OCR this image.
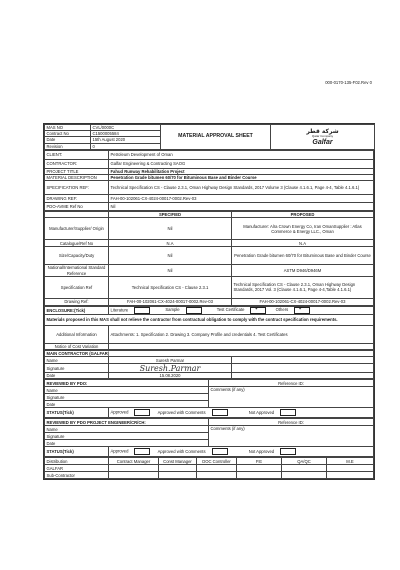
000-0170-135-F02.Rev 0
MAS NO	CVL/0000C	MATERIAL APPROVAL SHEET	شركة قطر
Qatar Company
Galfar

Contract No	C1500005584		
Date	15th August 2020		
Revision	0		
CLIENT:	Petroleum Development of Oman
CONTRACTOR:	Galfar Engineering & Contracting SAOG
PROJECT TITLE	Fahud Runway Rehabilitation Project
MATERIAL DESCRIPTION	Penetration Grade bitumen 60/70 for Bituminous Base and Binder Course
SPECIFICATION REF:	Technical Specification CS - Clause 2.3.1, Oman Highway Design Standards, 2017 Volume 3 (Clause 4.1.6.1, Page 4-4, Table 4.1.6.1)
DRAWING REF:	FAH-00-102061-CX-4024-00017-0002.Rev-03
PDO-AVME Ref No	Nil
	SPECIFIED	PROPOSED
Manufacturer/Supplier/ Origin	Nil	Manufacturer: Alra Crown Energy Co, Iran OmanSupplier : Atlas Commerce & Energy LLC., Oman
Catalogue/Ref No	N.A	N.A
Size/Capacity/Duty	Nil	Penetration Grade bitumen 60/70 for Bituminous Base and Binder Course
National/International Standard Reference	Nil	ASTM D946/D946M
Specification Ref	Technical Specification CS - Clause 2.3.1	Technical Specification CS - Clause 2.3.1, Oman Highway Design Standards, 2017 Vol. 3 (Clause 4.1.6.1, Page 4-4,Table 4.1.6.1)
Drawing Ref:	FAH-00-102061-CX-4024-00017-0002.Rev-03	FAH-00-102061-CX-4024-00017-0002.Rev-03
ENCLOSURE:(Tick)	Literature Sample Test Certificate ✓ Others✓
Materials proposed in this MAS shall not relieve the contractor from contractual obligation to comply with the contract specification requirements.	
Additional Information	Attachments: 1. Specification 2. Drawing 3. Company Profile and credentials 4. Test Certificates
Notice of Cost Variation	
MAIN CONTRACTOR (GALFAR)		
Name	Suresh Parmar	
Signature	Suresh.Parmar	
Date	15.08.2020	
REVIEWED BY PDO:		Reference ID:
Name		Comments (if any)
Signature		
Date		
STATUS(Tick)	Approved Approved with Comments Not Approved	
REVIEWED BY PDO PROJECT ENGINEER/CR/CH:		Reference ID:
Name		Comments (if any)
Signature		
Date		
STATUS(Tick)	Approved Approved with Comments Not Approved	
Distribution	Contract Manager	Const Manager	DOC Controller	P.E	QA/QC	M.E
GALFAR						
Sub-Contractor						
